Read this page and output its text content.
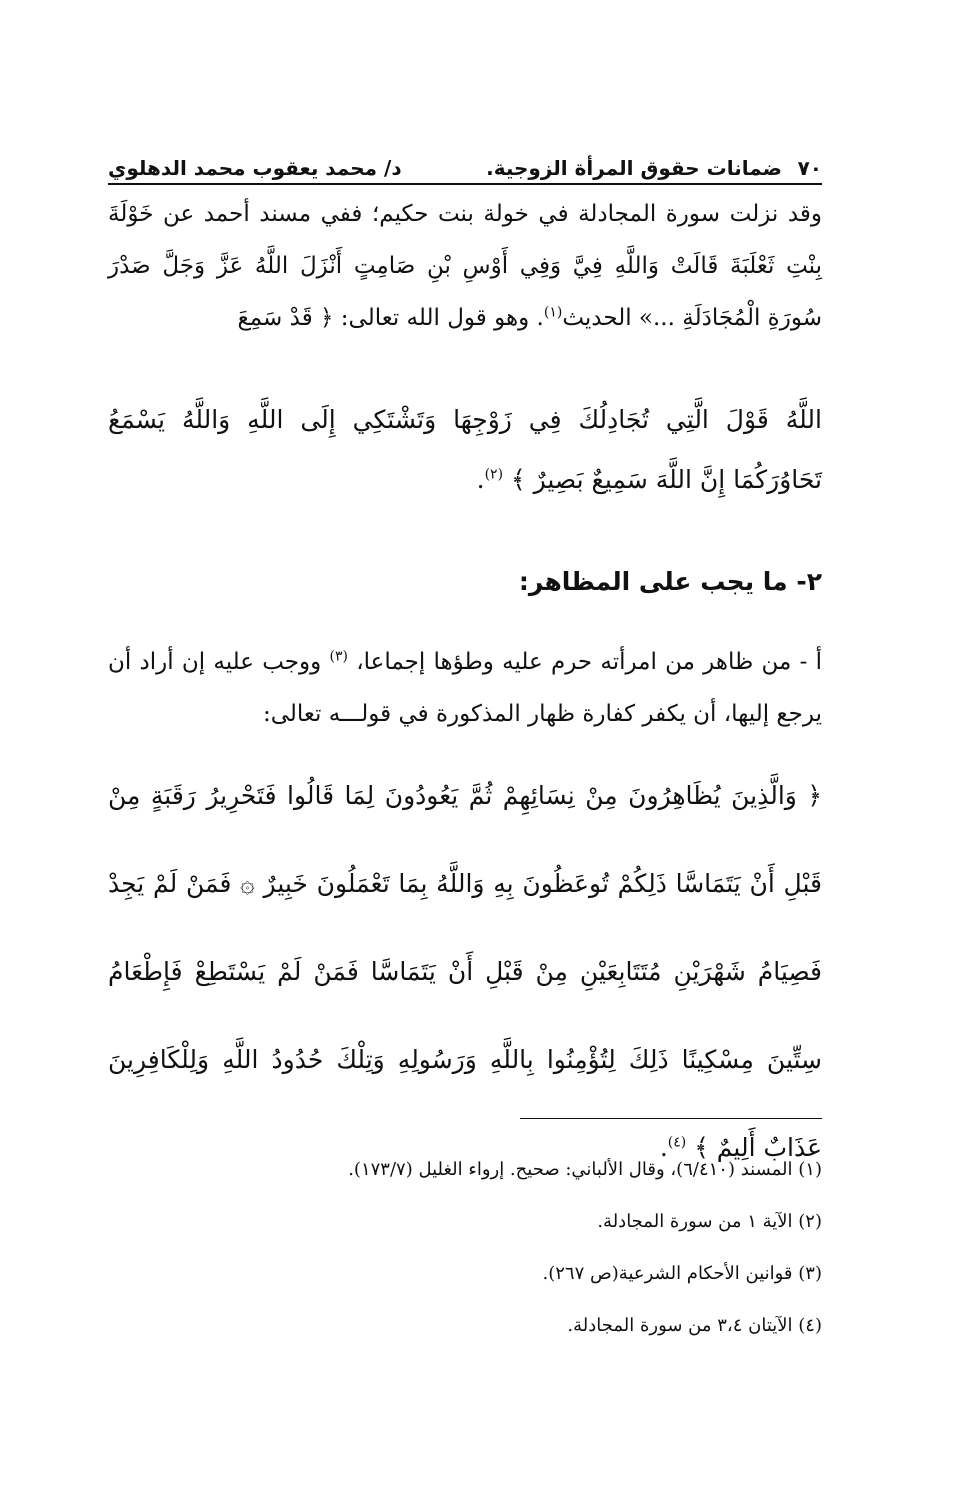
٧٠
ضمانات حقوق المرأة الزوجية.
د/ محمد يعقوب محمد الدهلوي

وقد نزلت سورة المجادلة في خولة بنت حكيم؛ ففي مسند أحمد عن خَوْلَةَ بِنْتِ ثَعْلَبَةَ قَالَتْ وَاللَّهِ فِيَّ وَفِي أَوْسِ بْنِ صَامِتٍ أَنْزَلَ اللَّهُ عَزَّ وَجَلَّ صَدْرَ سُورَةِ الْمُجَادَلَةِ ...» الحديث$^{(١)}$. وهو قول الله تعالى: ﴿ قَدْ سَمِعَ

اللَّهُ قَوْلَ الَّتِي تُجَادِلُكَ فِي زَوْجِهَا وَتَشْتَكِي إِلَى اللَّهِ وَاللَّهُ يَسْمَعُ تَحَاوُرَكُمَا إِنَّ اللَّهَ سَمِيعٌ بَصِيرٌ ﴾ $^{(٢)}$.

٢- ما يجب على المظاهر:

أ - من ظاهر من امرأته حرم عليه وطؤها إجماعا، $^{(٣)}$ ووجب عليه إن أراد أن يرجع إليها، أن يكفر كفارة ظهار المذكورة في قولـــه تعالى:

﴿ وَالَّذِينَ يُظَاهِرُونَ مِنْ نِسَائِهِمْ ثُمَّ يَعُودُونَ لِمَا قَالُوا فَتَحْرِيرُ رَقَبَةٍ مِنْ قَبْلِ أَنْ يَتَمَاسَّا ذَلِكُمْ تُوعَظُونَ بِهِ وَاللَّهُ بِمَا تَعْمَلُونَ خَبِيرٌ ۞ فَمَنْ لَمْ يَجِدْ فَصِيَامُ شَهْرَيْنِ مُتَتَابِعَيْنِ مِنْ قَبْلِ أَنْ يَتَمَاسَّا فَمَنْ لَمْ يَسْتَطِعْ فَإِطْعَامُ سِتِّينَ مِسْكِينًا ذَلِكَ لِتُؤْمِنُوا بِاللَّهِ وَرَسُولِهِ وَتِلْكَ حُدُودُ اللَّهِ وَلِلْكَافِرِينَ عَذَابٌ أَلِيمٌ ﴾ $^{(٤)}$.

(١) المسند (٦/٤١٠)، وقال الألباني: صحيح. إرواء الغليل (١٧٣/٧).
(٢) الآية ١ من سورة المجادلة.
(٣) قوانين الأحكام الشرعية(ص ٢٦٧).
(٤) الآيتان ٣،٤ من سورة المجادلة.
